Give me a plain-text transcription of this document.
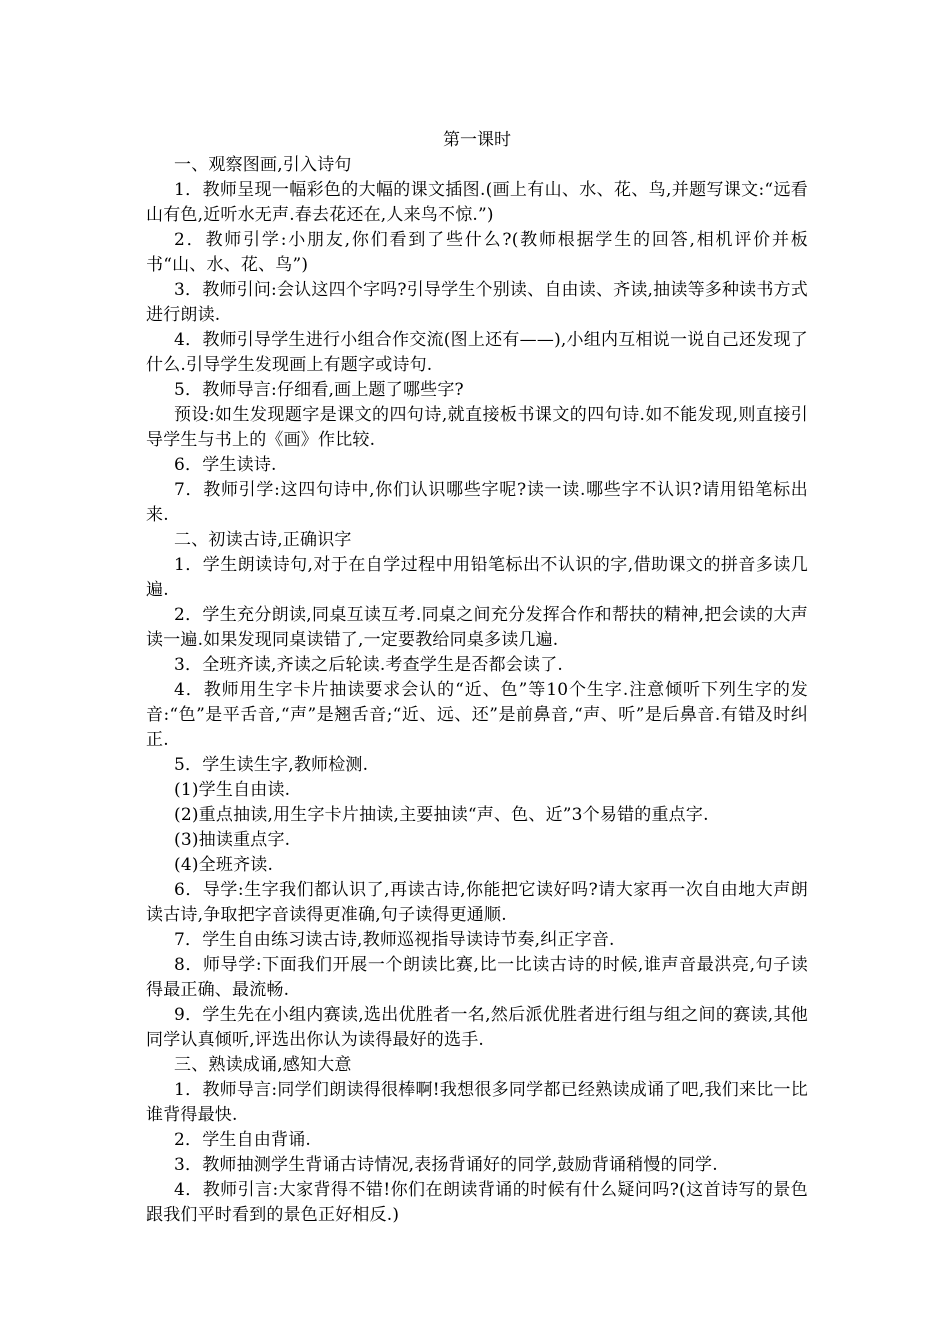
第一课时

一、观察图画,引入诗句

1．教师呈现一幅彩色的大幅的课文插图.(画上有山、水、花、鸟,并题写课文:“远看山有色,近听水无声.春去花还在,人来鸟不惊.”)

2．教师引学:小朋友,你们看到了些什么?(教师根据学生的回答,相机评价并板书“山、水、花、鸟”)

3．教师引问:会认这四个字吗?引导学生个别读、自由读、齐读,抽读等多种读书方式进行朗读.

4．教师引导学生进行小组合作交流(图上还有——),小组内互相说一说自己还发现了什么.引导学生发现画上有题字或诗句.

5．教师导言:仔细看,画上题了哪些字?

预设:如生发现题字是课文的四句诗,就直接板书课文的四句诗.如不能发现,则直接引导学生与书上的《画》作比较.

6．学生读诗.

7．教师引学:这四句诗中,你们认识哪些字呢?读一读.哪些字不认识?请用铅笔标出来.

二、初读古诗,正确识字

1．学生朗读诗句,对于在自学过程中用铅笔标出不认识的字,借助课文的拼音多读几遍.

2．学生充分朗读,同桌互读互考.同桌之间充分发挥合作和帮扶的精神,把会读的大声读一遍.如果发现同桌读错了,一定要教给同桌多读几遍.

3．全班齐读,齐读之后轮读.考查学生是否都会读了.

4．教师用生字卡片抽读要求会认的“近、色”等10个生字.注意倾听下列生字的发音:“色”是平舌音,“声”是翘舌音;“近、远、还”是前鼻音,“声、听”是后鼻音.有错及时纠正.

5．学生读生字,教师检测.

(1)学生自由读.

(2)重点抽读,用生字卡片抽读,主要抽读“声、色、近”3个易错的重点字.

(3)抽读重点字.

(4)全班齐读.

6．导学:生字我们都认识了,再读古诗,你能把它读好吗?请大家再一次自由地大声朗读古诗,争取把字音读得更准确,句子读得更通顺.

7．学生自由练习读古诗,教师巡视指导读诗节奏,纠正字音.

8．师导学:下面我们开展一个朗读比赛,比一比读古诗的时候,谁声音最洪亮,句子读得最正确、最流畅.

9．学生先在小组内赛读,选出优胜者一名,然后派优胜者进行组与组之间的赛读,其他同学认真倾听,评选出你认为读得最好的选手.

三、熟读成诵,感知大意

1．教师导言:同学们朗读得很棒啊!我想很多同学都已经熟读成诵了吧,我们来比一比谁背得最快.

2．学生自由背诵.

3．教师抽测学生背诵古诗情况,表扬背诵好的同学,鼓励背诵稍慢的同学.

4．教师引言:大家背得不错!你们在朗读背诵的时候有什么疑问吗?(这首诗写的景色跟我们平时看到的景色正好相反.)
